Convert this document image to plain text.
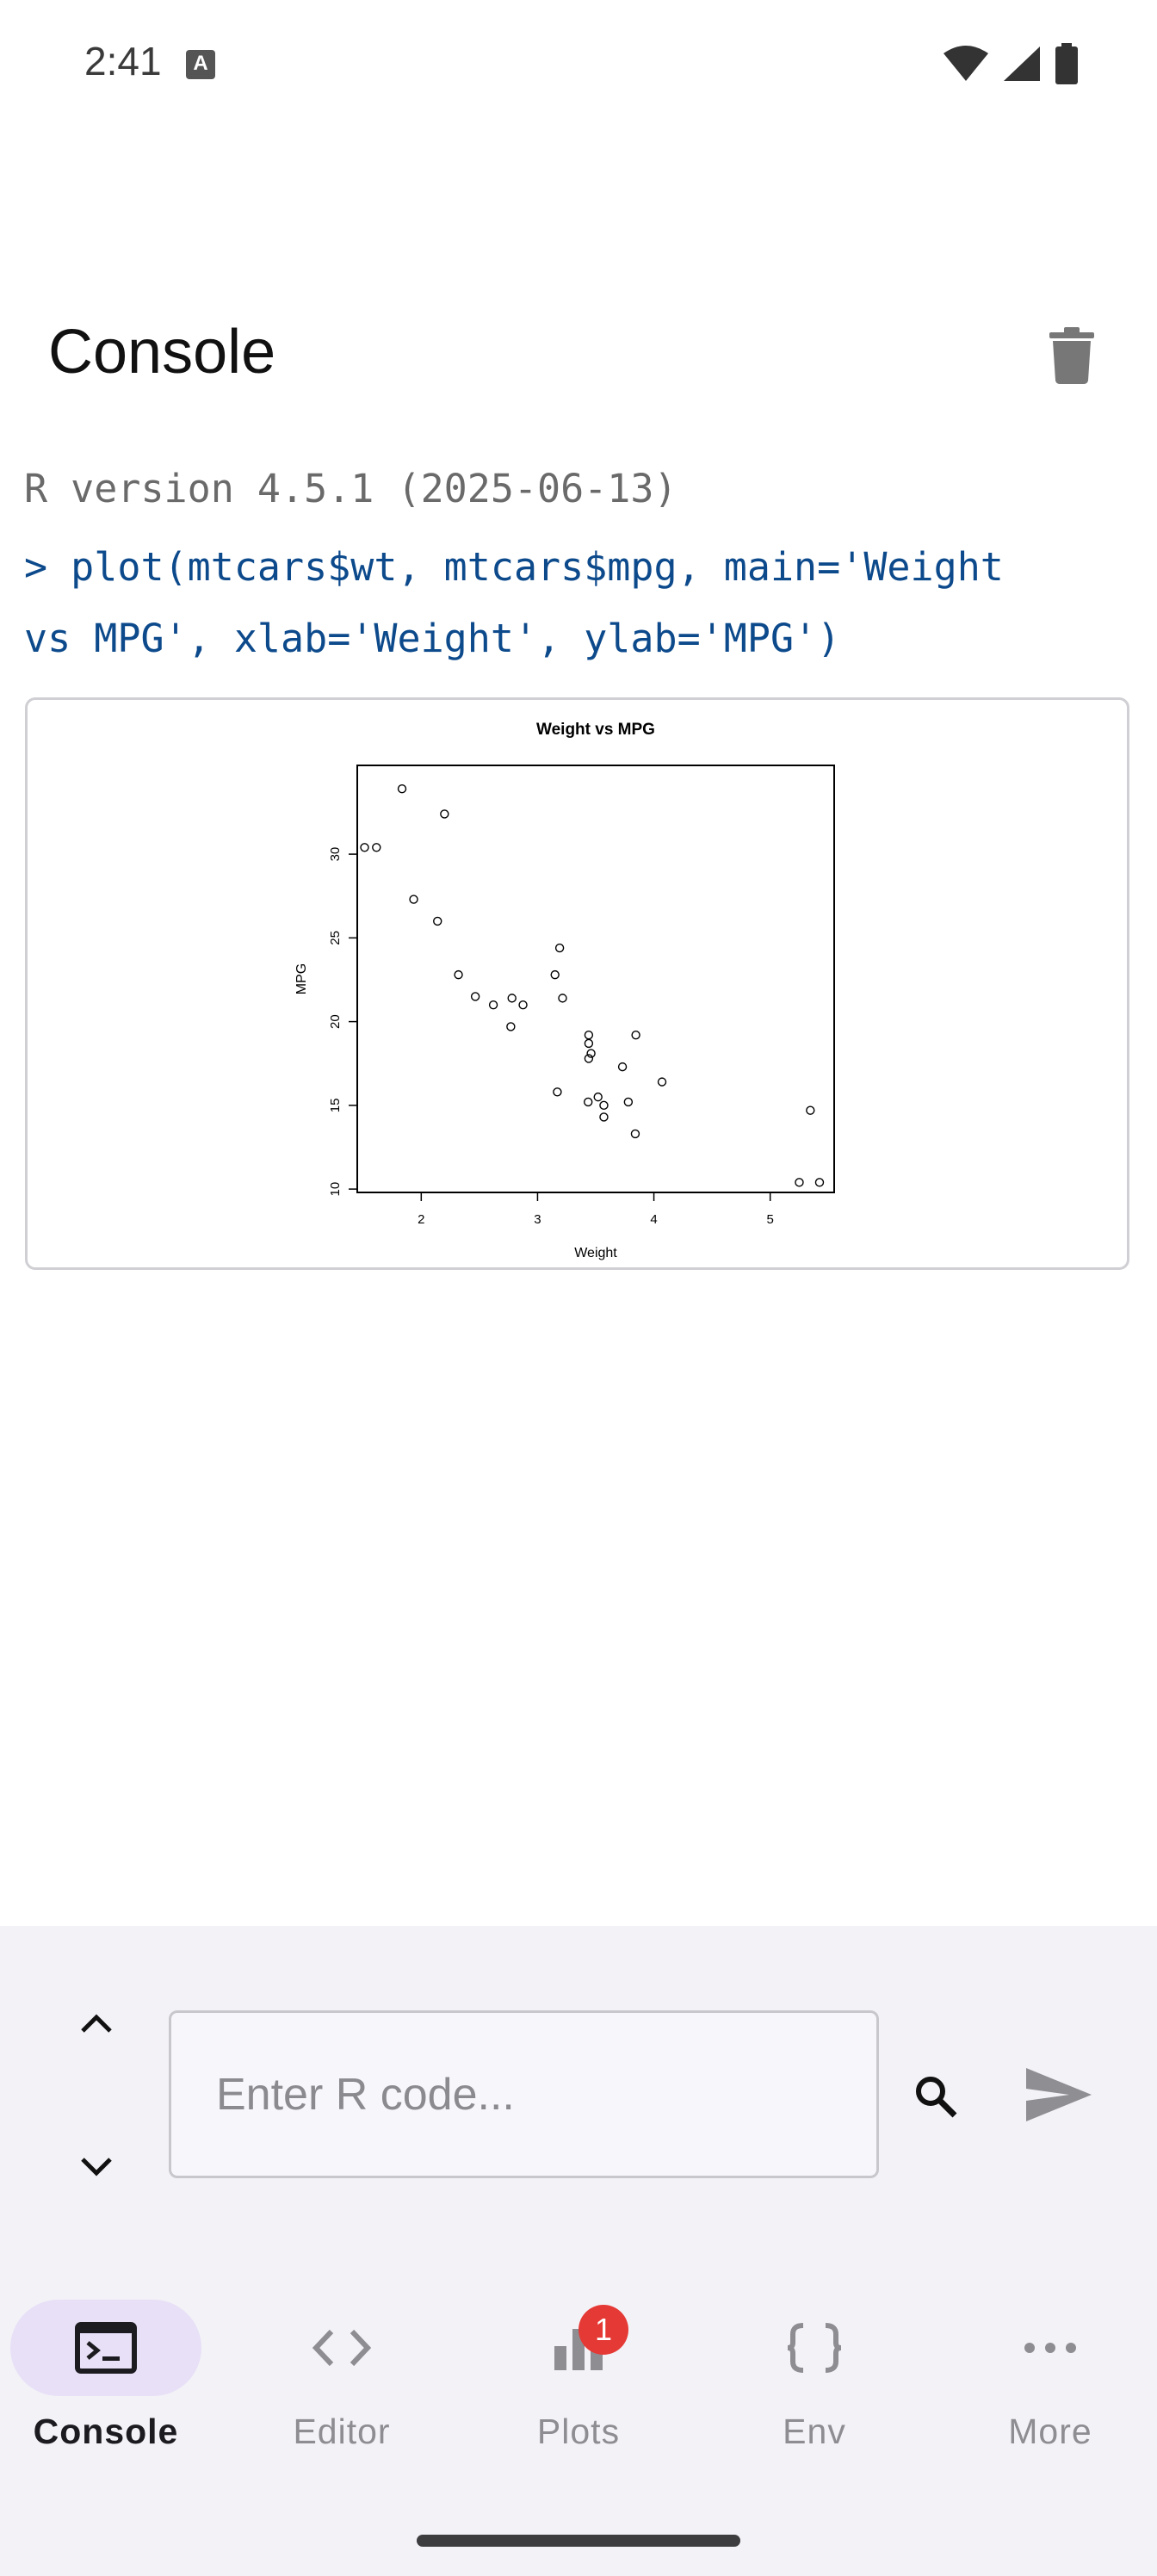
2:41	A
Console
R version 4.5.1 (2025-06-13)
> plot(mtcars$wt, mtcars$mpg, main='Weight
vs MPG', xlab='Weight', ylab='MPG')
Weight vs MPG
Weight
MPG
2	3	4	5
10
15
20
25
30
Enter R code...
Console	Editor	Plots
1
Env	More
